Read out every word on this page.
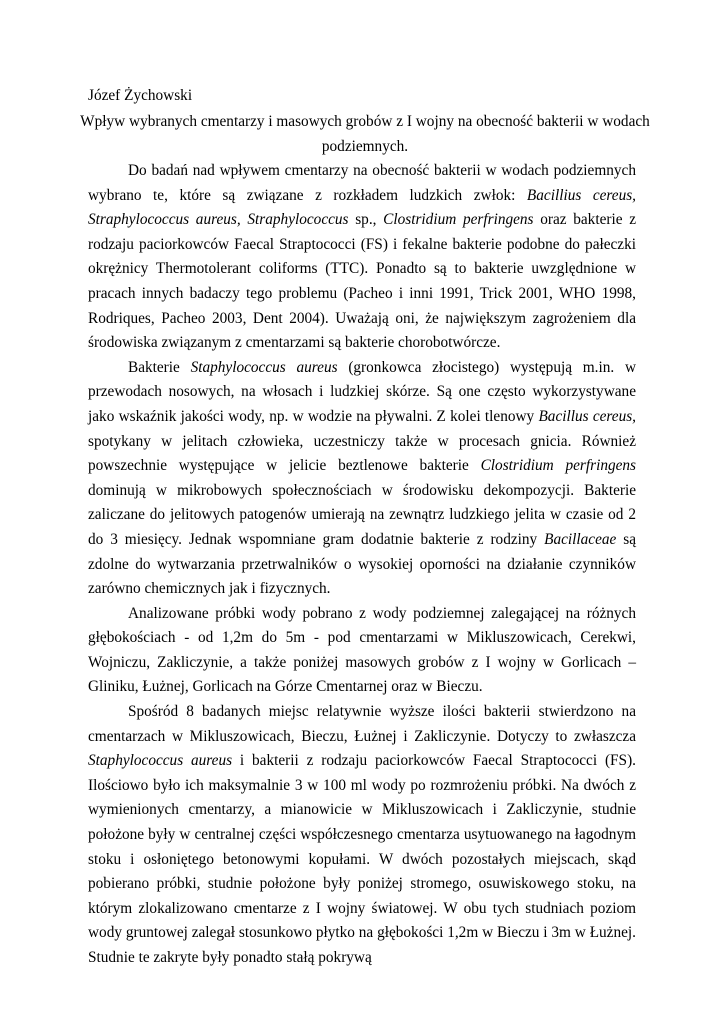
Józef Żychowski
Wpływ wybranych cmentarzy i masowych grobów z I wojny na obecność bakterii w wodach podziemnych.

Do badań nad wpływem cmentarzy na obecność bakterii w wodach podziemnych wybrano te, które są związane z rozkładem ludzkich zwłok: Bacillius cereus, Straphylococcus aureus, Straphylococcus sp., Clostridium perfringens oraz bakterie z rodzaju paciorkowców Faecal Straptococci (FS) i fekalne bakterie podobne do pałeczki okrężnicy Thermotolerant coliforms (TTC). Ponadto są to bakterie uwzględnione w pracach innych badaczy tego problemu (Pacheo i inni 1991, Trick 2001, WHO 1998, Rodriques, Pacheo 2003, Dent 2004). Uważają oni, że największym zagrożeniem dla środowiska związanym z cmentarzami są bakterie chorobotwórcze.

Bakterie Staphylococcus aureus (gronkowca złocistego) występują m.in. w przewodach nosowych, na włosach i ludzkiej skórze. Są one często wykorzystywane jako wskaźnik jakości wody, np. w wodzie na pływalni. Z kolei tlenowy Bacillus cereus, spotykany w jelitach człowieka, uczestniczy także w procesach gnicia. Również powszechnie występujące w jelicie beztlenowe bakterie Clostridium perfringens dominują w mikrobowych społecznościach w środowisku dekompozycji. Bakterie zaliczane do jelitowych patogenów umierają na zewnątrz ludzkiego jelita w czasie od 2 do 3 miesięcy. Jednak wspomniane gram dodatnie bakterie z rodziny Bacillaceae są zdolne do wytwarzania przetrwalników o wysokiej oporności na działanie czynników zarówno chemicznych jak i fizycznych.

Analizowane próbki wody pobrano z wody podziemnej zalegającej na różnych głębokościach - od 1,2m do 5m - pod cmentarzami w Mikluszowicach, Cerekwi, Wojniczu, Zakliczynie, a także poniżej masowych grobów z I wojny w Gorlicach – Gliniku, Łużnej, Gorlicach na Górze Cmentarnej oraz w Bieczu.

Spośród 8 badanych miejsc relatywnie wyższe ilości bakterii stwierdzono na cmentarzach w Mikluszowicach, Bieczu, Łużnej i Zakliczynie. Dotyczy to zwłaszcza Staphylococcus aureus i bakterii z rodzaju paciorkowców Faecal Straptococci (FS). Ilościowo było ich maksymalnie 3 w 100 ml wody po rozmrożeniu próbki. Na dwóch z wymienionych cmentarzy, a mianowicie w Mikluszowicach i Zakliczynie, studnie położone były w centralnej części współczesnego cmentarza usytuowanego na łagodnym stoku i osłoniętego betonowymi kopułami. W dwóch pozostałych miejscach, skąd pobierano próbki, studnie położone były poniżej stromego, osuwiskowego stoku, na którym zlokalizowano cmentarze z I wojny światowej. W obu tych studniach poziom wody gruntowej zalegał stosunkowo płytko na głębokości 1,2m w Bieczu i 3m w Łużnej. Studnie te zakryte były ponadto stałą pokrywą
